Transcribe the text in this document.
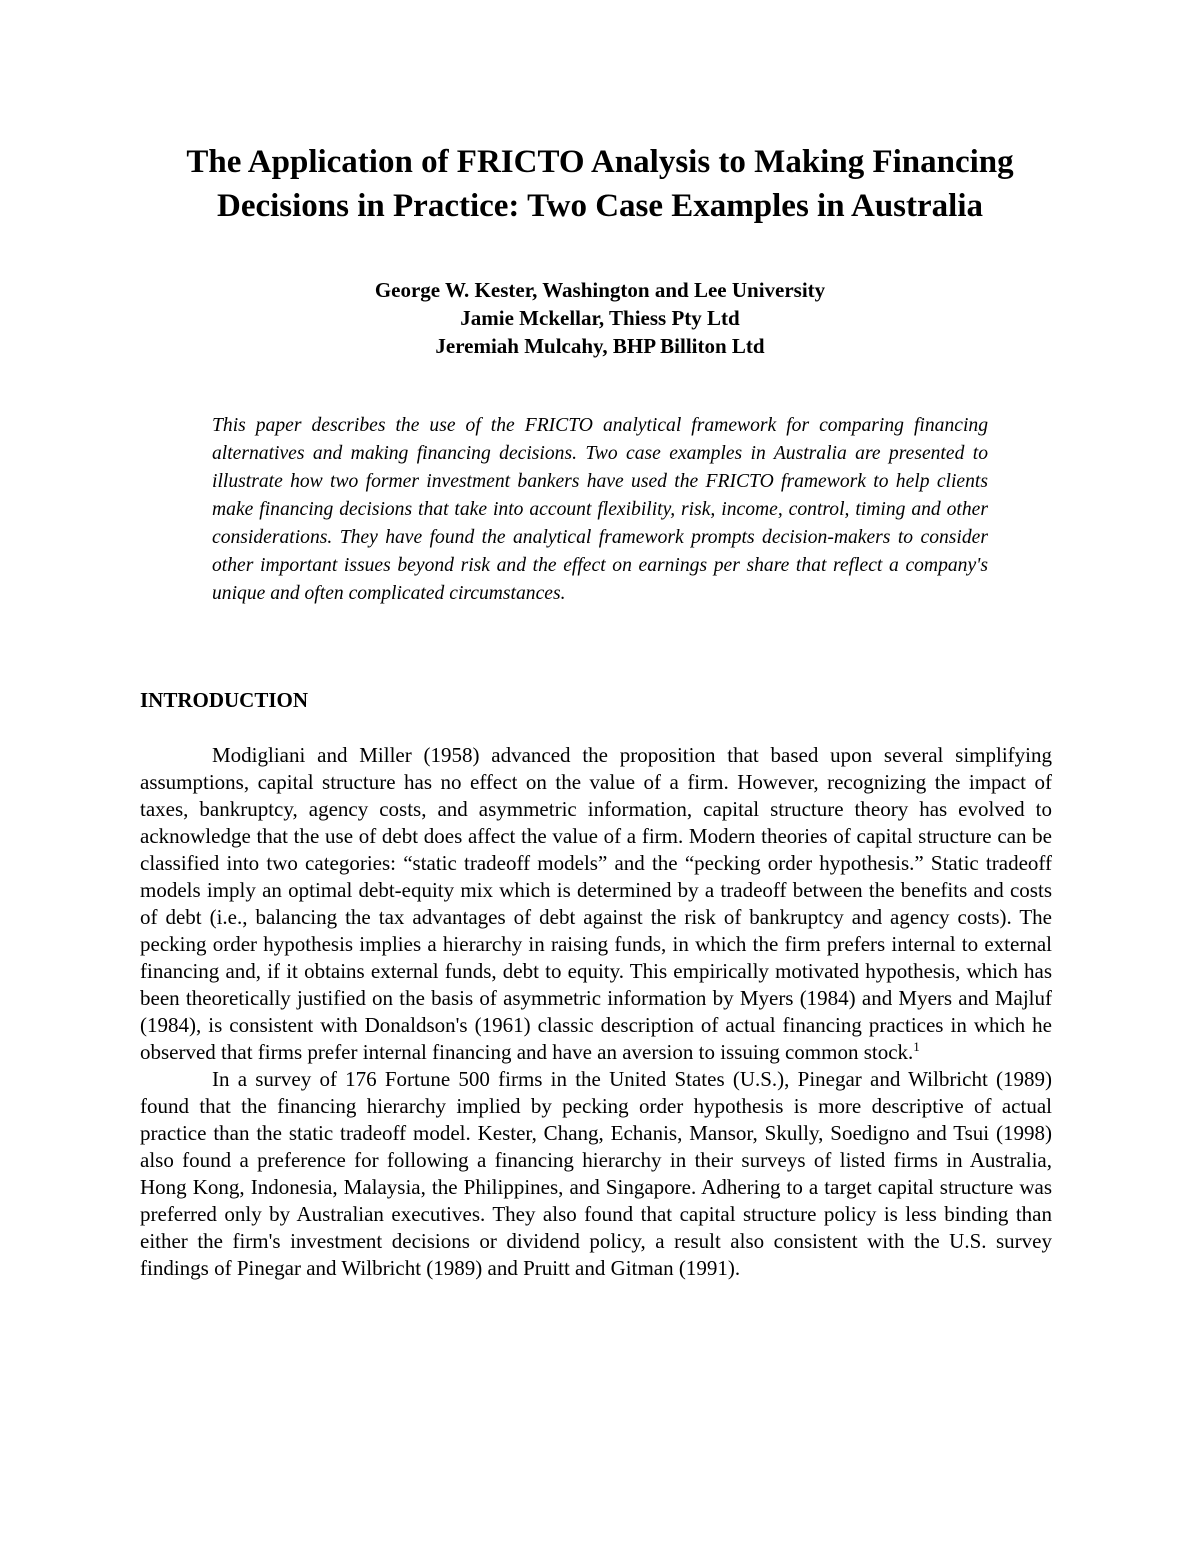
The Application of FRICTO Analysis to Making Financing
Decisions in Practice: Two Case Examples in Australia
George W. Kester, Washington and Lee University
Jamie Mckellar, Thiess Pty Ltd
Jeremiah Mulcahy, BHP Billiton Ltd

This paper describes the use of the FRICTO analytical framework for comparing financing alternatives and making financing decisions. Two case examples in Australia are presented to illustrate how two former investment bankers have used the FRICTO framework to help clients make financing decisions that take into account flexibility, risk, income, control, timing and other considerations. They have found the analytical framework prompts decision-makers to consider other important issues beyond risk and the effect on earnings per share that reflect a company's unique and often complicated circumstances.

INTRODUCTION

Modigliani and Miller (1958) advanced the proposition that based upon several simplifying assumptions, capital structure has no effect on the value of a firm. However, recognizing the impact of taxes, bankruptcy, agency costs, and asymmetric information, capital structure theory has evolved to acknowledge that the use of debt does affect the value of a firm. Modern theories of capital structure can be classified into two categories: “static tradeoff models” and the “pecking order hypothesis.” Static tradeoff models imply an optimal debt-equity mix which is determined by a tradeoff between the benefits and costs of debt (i.e., balancing the tax advantages of debt against the risk of bankruptcy and agency costs). The pecking order hypothesis implies a hierarchy in raising funds, in which the firm prefers internal to external financing and, if it obtains external funds, debt to equity. This empirically motivated hypothesis, which has been theoretically justified on the basis of asymmetric information by Myers (1984) and Myers and Majluf (1984), is consistent with Donaldson's (1961) classic description of actual financing practices in which he observed that firms prefer internal financing and have an aversion to issuing common stock.$^1$

In a survey of 176 Fortune 500 firms in the United States (U.S.), Pinegar and Wilbricht (1989) found that the financing hierarchy implied by pecking order hypothesis is more descriptive of actual practice than the static tradeoff model. Kester, Chang, Echanis, Mansor, Skully, Soedigno and Tsui (1998) also found a preference for following a financing hierarchy in their surveys of listed firms in Australia, Hong Kong, Indonesia, Malaysia, the Philippines, and Singapore. Adhering to a target capital structure was preferred only by Australian executives. They also found that capital structure policy is less binding than either the firm's investment decisions or dividend policy, a result also consistent with the U.S. survey findings of Pinegar and Wilbricht (1989) and Pruitt and Gitman (1991).
